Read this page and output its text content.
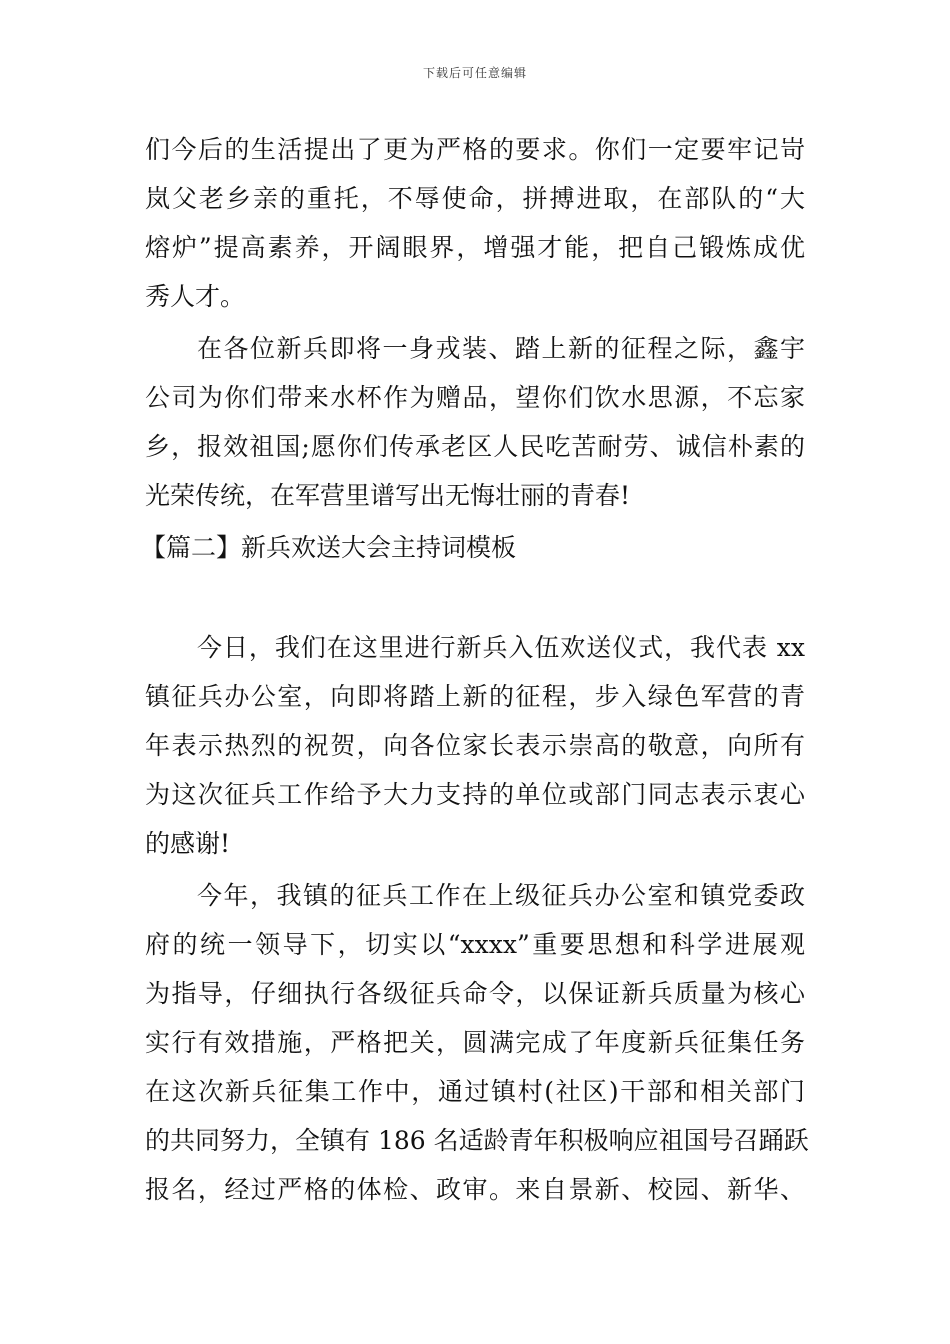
下载后可任意编辑
们今后的生活提出了更为严格的要求。你们一定要牢记岢
岚父老乡亲的重托，不辱使命，拼搏进取，在部队的“大
熔炉”提高素养，开阔眼界，增强才能，把自己锻炼成优
秀人才。
在各位新兵即将一身戎装、踏上新的征程之际，鑫宇
公司为你们带来水杯作为赠品，望你们饮水思源，不忘家
乡，报效祖国;愿你们传承老区人民吃苦耐劳、诚信朴素的
光荣传统，在军营里谱写出无悔壮丽的青春!
【篇二】新兵欢送大会主持词模板
今日，我们在这里进行新兵入伍欢送仪式，我代表 xx
镇征兵办公室，向即将踏上新的征程，步入绿色军营的青
年表示热烈的祝贺，向各位家长表示崇高的敬意，向所有
为这次征兵工作给予大力支持的单位或部门同志表示衷心
的感谢!
今年，我镇的征兵工作在上级征兵办公室和镇党委政
府的统一领导下，切实以“xxxx”重要思想和科学进展观
为指导，仔细执行各级征兵命令，以保证新兵质量为核心
实行有效措施，严格把关，圆满完成了年度新兵征集任务
在这次新兵征集工作中，通过镇村(社区)干部和相关部门
的共同努力，全镇有 186 名适龄青年积极响应祖国号召踊跃
报名，经过严格的体检、政审。来自景新、校园、新华、
